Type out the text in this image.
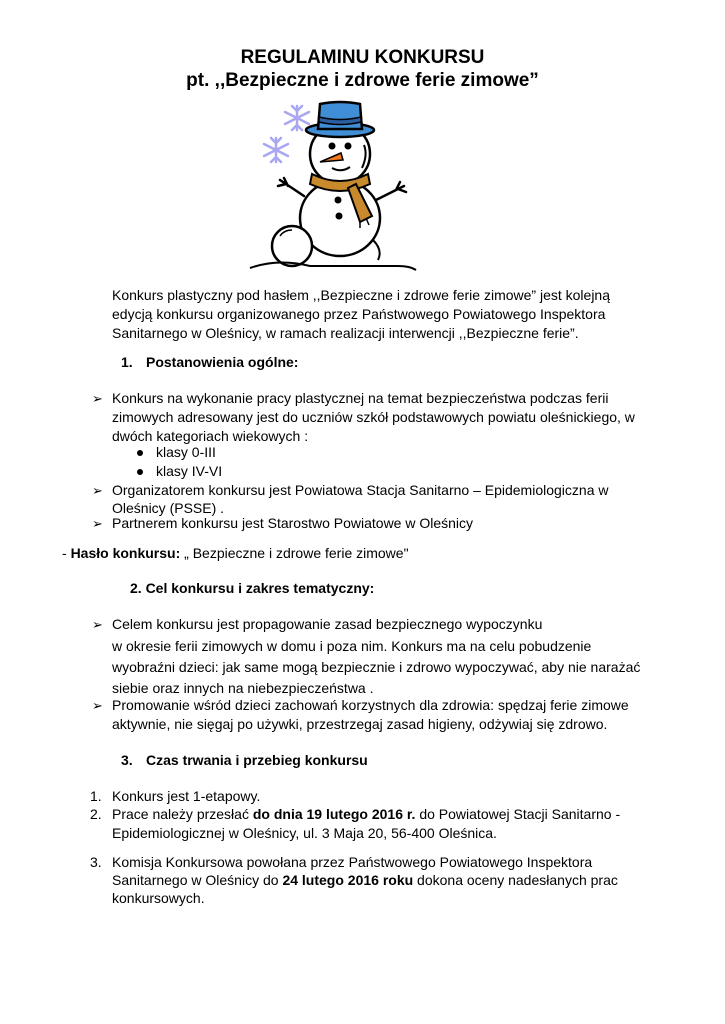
REGULAMINU KONKURSU
pt. ,,Bezpieczne i zdrowe ferie zimowe”

Konkurs plastyczny pod hasłem ,,Bezpieczne i zdrowe ferie zimowe” jest kolejną

edycją konkursu organizowanego przez Państwowego Powiatowego Inspektora

Sanitarnego w Oleśnicy, w ramach realizacji interwencji ,,Bezpieczne ferie”.

1. Postanowienia ogólne:
➢ Konkurs na wykonanie pracy plastycznej na temat bezpieczeństwa podczas ferii

zimowych adresowany jest do uczniów szkół podstawowych powiatu oleśnickiego, w

dwóch kategoriach wiekowych :

klasy 0-III

klasy IV-VI

➢ Organizatorem konkursu jest Powiatowa Stacja Sanitarno – Epidemiologiczna w

Oleśnicy (PSSE) .

➢ Partnerem konkursu jest Starostwo Powiatowe w Oleśnicy

- Hasło konkursu: „ Bezpieczne i zdrowe ferie zimowe"

2. Cel konkursu i zakres tematyczny:
➢ Celem konkursu jest propagowanie zasad bezpiecznego wypoczynku

w okresie ferii zimowych w domu i poza nim. Konkurs ma na celu pobudzenie

wyobraźni dzieci: jak same mogą bezpiecznie i zdrowo wypoczywać, aby nie narażać

siebie oraz innych na niebezpieczeństwa .

➢ Promowanie wśród dzieci zachowań korzystnych dla zdrowia: spędzaj ferie zimowe

aktywnie, nie sięgaj po używki, przestrzegaj zasad higieny, odżywiaj się zdrowo.

3. Czas trwania i przebieg konkursu
1. Konkurs jest 1-etapowy.

2. Prace należy przesłać do dnia 19 lutego 2016 r. do Powiatowej Stacji Sanitarno -

Epidemiologicznej w Oleśnicy, ul. 3 Maja 20, 56-400 Oleśnica.

3. Komisja Konkursowa powołana przez Państwowego Powiatowego Inspektora

Sanitarnego w Oleśnicy do 24 lutego 2016 roku dokona oceny nadesłanych prac

konkursowych.
